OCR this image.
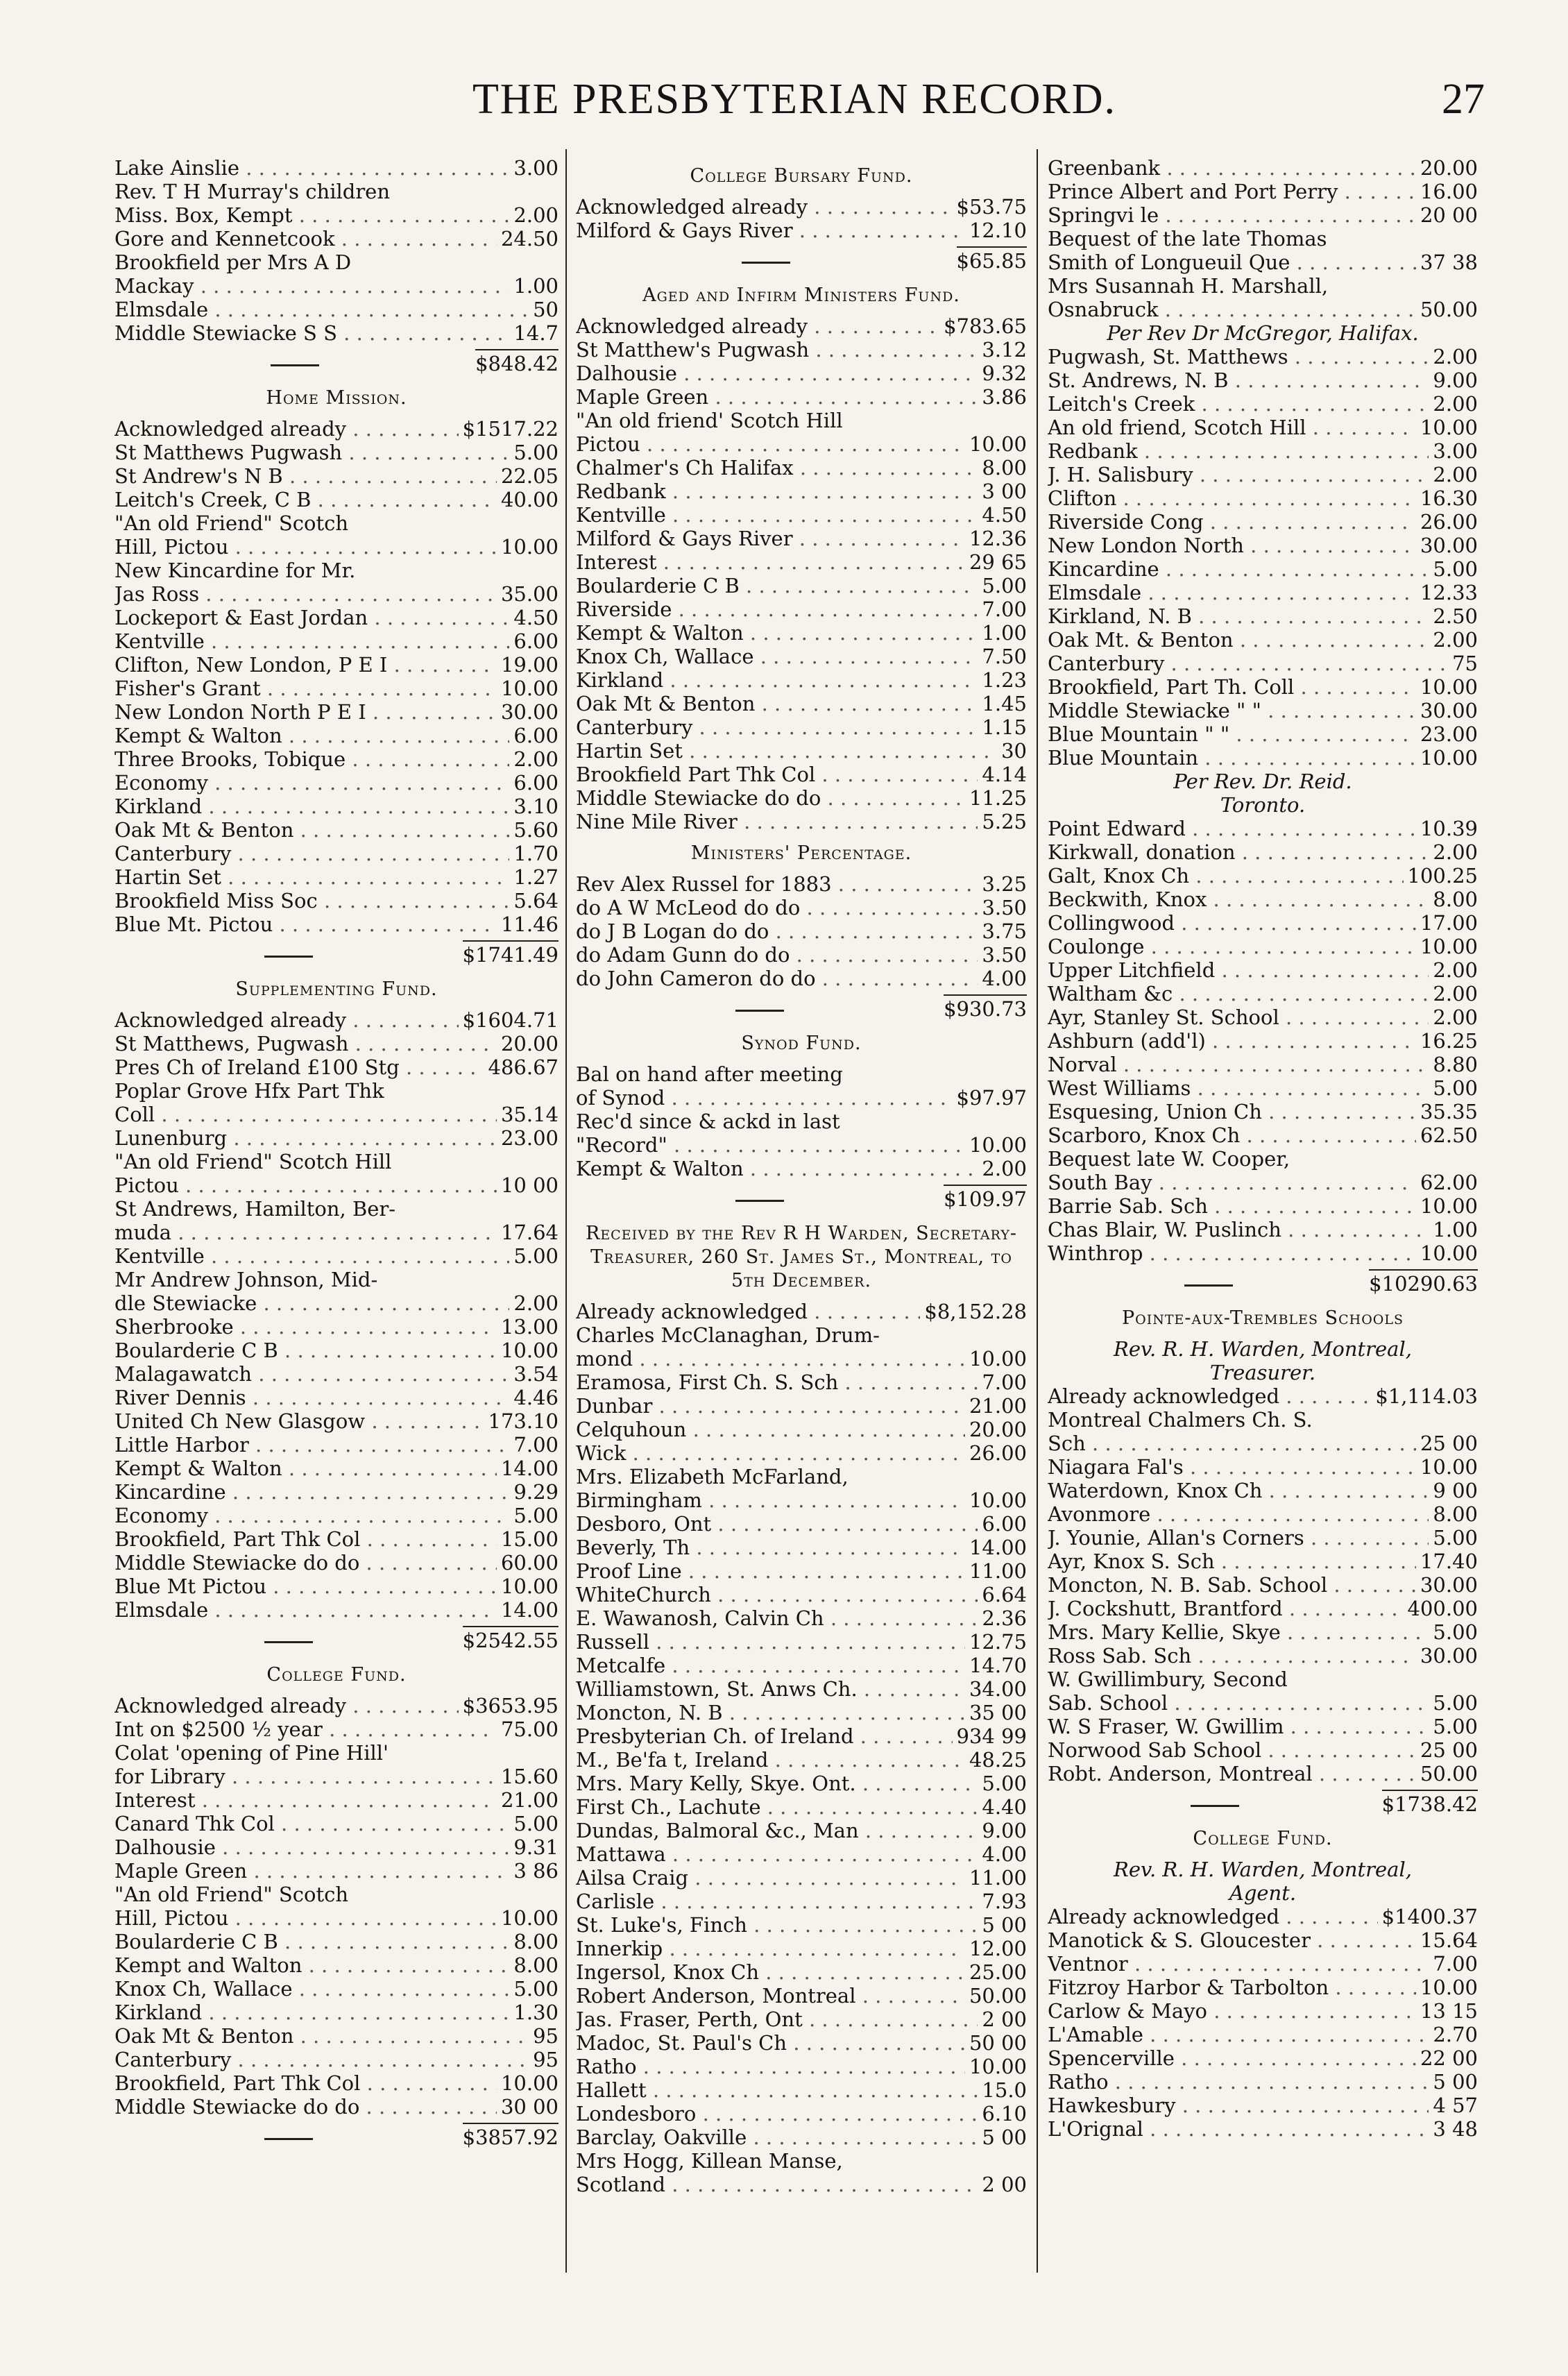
THE PRESBYTERIAN RECORD.	27
Lake Ainslie . . .	3.00
Rev. T H Murray's children
Miss. Box, Kempt . . .	2.00
Gore and Kennetcook . . .	24.50
Brookfield per Mrs A D
Mackay . . .	1.00
Elmsdale . . .	50
Middle Stewiacke S S . . .	14.7
$848.42
Home Mission.
Acknowledged already . . .	$1517.22
St Matthews Pugwash . . .	5.00
St Andrew's N B . . .	22.05
Leitch's Creek, C B . . .	40.00
"An old Friend" Scotch
Hill, Pictou . . .	10.00
New Kincardine for Mr.
Jas Ross . . .	35.00
Lockeport & East Jordan . . .	4.50
Kentville . . .	6.00
Clifton, New London, P E I . . .	19.00
Fisher's Grant . . .	10.00
New London North P E I . . .	30.00
Kempt & Walton . . .	6.00
Three Brooks, Tobique . . .	2.00
Economy . . .	6.00
Kirkland . . .	3.10
Oak Mt & Benton . . .	5.60
Canterbury . . .	1.70
Hartin Set . . .	1.27
Brookfield Miss Soc . . .	5.64
Blue Mt. Pictou . . .	11.46
$1741.49
Supplementing Fund.
Acknowledged already . . .	$1604.71
St Matthews, Pugwash . . .	20.00
Pres Ch of Ireland £100 Stg . . .	486.67
Poplar Grove Hfx Part Thk
Coll . . .	35.14
Lunenburg . . .	23.00
"An old Friend" Scotch Hill
Pictou . . .	10 00
St Andrews, Hamilton, Ber-
muda . . .	17.64
Kentville . . .	5.00
Mr Andrew Johnson, Mid-
dle Stewiacke . . .	2.00
Sherbrooke . . .	13.00
Boularderie C B . . .	10.00
Malagawatch . . .	3.54
River Dennis . . .	4.46
United Ch New Glasgow . . .	173.10
Little Harbor . . .	7.00
Kempt & Walton . . .	14.00
Kincardine . . .	9.29
Economy . . .	5.00
Brookfield, Part Thk Col . . .	15.00
Middle Stewiacke do do . . .	60.00
Blue Mt Pictou . . .	10.00
Elmsdale . . .	14.00
$2542.55
College Fund.
Acknowledged already . . .	$3653.95
Int on $2500 ½ year . . .	75.00
Colat 'opening of Pine Hill'
for Library . . .	15.60
Interest . . .	21.00
Canard Thk Col . . .	5.00
Dalhousie . . .	9.31
Maple Green . . .	3 86
"An old Friend" Scotch
Hill, Pictou . . .	10.00
Boularderie C B . . .	8.00
Kempt and Walton . . .	8.00
Knox Ch, Wallace . . .	5.00
Kirkland . . .	1.30
Oak Mt & Benton . . .	95
Canterbury . . .	95
Brookfield, Part Thk Col . . .	10.00
Middle Stewiacke do do . . .	30 00
$3857.92
College Bursary Fund.
Acknowledged already . . .	$53.75
Milford & Gays River . . .	12.10
$65.85
Aged and Infirm Ministers Fund.
Acknowledged already . . .	$783.65
St Matthew's Pugwash . . .	3.12
Dalhousie . . .	9.32
Maple Green . . .	3.86
"An old friend' Scotch Hill
Pictou . . .	10.00
Chalmer's Ch Halifax . . .	8.00
Redbank . . .	3 00
Kentville . . .	4.50
Milford & Gays River . . .	12.36
Interest . . .	29 65
Boularderie C B . . .	5.00
Riverside . . .	7.00
Kempt & Walton . . .	1.00
Knox Ch, Wallace . . .	7.50
Kirkland . . .	1.23
Oak Mt & Benton . . .	1.45
Canterbury . . .	1.15
Hartin Set . . .	30
Brookfield Part Thk Col . . .	4.14
Middle Stewiacke do do . . .	11.25
Nine Mile River . . .	5.25
Ministers' Percentage.
Rev Alex Russel for 1883 . . .	3.25
do A W McLeod do do . . .	3.50
do J B Logan do do . . .	3.75
do Adam Gunn do do . . .	3.50
do John Cameron do do . . .	4.00
$930.73
Synod Fund.
Bal on hand after meeting
of Synod . . .	$97.97
Rec'd since & ackd in last
"Record" . . .	10.00
Kempt & Walton . . .	2.00
$109.97
Received by the Rev R H Warden, Secretary-Treasurer, 260 St. James St., Montreal, to 5th December.
Already acknowledged . . .	$8,152.28
Charles McClanaghan, Drum-
mond . . .	10.00
Eramosa, First Ch. S. Sch . . .	7.00
Dunbar . . .	21.00
Celquhoun . . .	20.00
Wick . . .	26.00
Mrs. Elizabeth McFarland,
Birmingham . . .	10.00
Desboro, Ont . . .	6.00
Beverly, Th . . .	14.00
Proof Line . . .	11.00
WhiteChurch . . .	6.64
E. Wawanosh, Calvin Ch . . .	2.36
Russell . . .	12.75
Metcalfe . . .	14.70
Williamstown, St. Anws Ch. . . .	34.00
Moncton, N. B . . .	35 00
Presbyterian Ch. of Ireland . . .	934 99
M., Be'fa t, Ireland . . .	48.25
Mrs. Mary Kelly, Skye. Ont. . . .	5.00
First Ch., Lachute . . .	4.40
Dundas, Balmoral &c., Man . . .	9.00
Mattawa . . .	4.00
Ailsa Craig . . .	11.00
Carlisle . . .	7.93
St. Luke's, Finch . . .	5 00
Innerkip . . .	12.00
Ingersol, Knox Ch . . .	25.00
Robert Anderson, Montreal . . .	50.00
Jas. Fraser, Perth, Ont . . .	2 00
Madoc, St. Paul's Ch . . .	50 00
Ratho . . .	10.00
Hallett . . .	15.0
Londesboro . . .	6.10
Barclay, Oakville . . .	5 00
Mrs Hogg, Killean Manse,
Scotland . . .	2 00
Greenbank . . .	20.00
Prince Albert and Port Perry . . .	16.00
Springvi le . . .	20 00
Bequest of the late Thomas
Smith of Longueuil Que . . .	37 38
Mrs Susannah H. Marshall,
Osnabruck . . .	50.00
Per Rev Dr McGregor, Halifax.
Pugwash, St. Matthews . . .	2.00
St. Andrews, N. B . . .	9.00
Leitch's Creek . . .	2.00
An old friend, Scotch Hill . . .	10.00
Redbank . . .	3.00
J. H. Salisbury . . .	2.00
Clifton . . .	16.30
Riverside Cong . . .	26.00
New London North . . .	30.00
Kincardine . . .	5.00
Elmsdale . . .	12.33
Kirkland, N. B . . .	2.50
Oak Mt. & Benton . . .	2.00
Canterbury . . .	75
Brookfield, Part Th. Coll . . .	10.00
Middle Stewiacke " " . . .	30.00
Blue Mountain " " . . .	23.00
Blue Mountain . . .	10.00
Per Rev. Dr. Reid.
Toronto.
Point Edward . . .	10.39
Kirkwall, donation . . .	2.00
Galt, Knox Ch . . .	100.25
Beckwith, Knox . . .	8.00
Collingwood . . .	17.00
Coulonge . . .	10.00
Upper Litchfield . . .	2.00
Waltham &c . . .	2.00
Ayr, Stanley St. School . . .	2.00
Ashburn (add'l) . . .	16.25
Norval . . .	8.80
West Williams . . .	5.00
Esquesing, Union Ch . . .	35.35
Scarboro, Knox Ch . . .	62.50
Bequest late W. Cooper,
South Bay . . .	62.00
Barrie Sab. Sch . . .	10.00
Chas Blair, W. Puslinch . . .	1.00
Winthrop . . .	10.00
$10290.63
Pointe-aux-Trembles Schools
Rev. R. H. Warden, Montreal,
Treasurer.
Already acknowledged . . .	$1,114.03
Montreal Chalmers Ch. S.
Sch . . .	25 00
Niagara Fal's . . .	10.00
Waterdown, Knox Ch . . .	9 00
Avonmore . . .	8.00
J. Younie, Allan's Corners . . .	5.00
Ayr, Knox S. Sch . . .	17.40
Moncton, N. B. Sab. School . . .	30.00
J. Cockshutt, Brantford . . .	400.00
Mrs. Mary Kellie, Skye . . .	5.00
Ross Sab. Sch . . .	30.00
W. Gwillimbury, Second
Sab. School . . .	5.00
W. S Fraser, W. Gwillim . . .	5.00
Norwood Sab School . . .	25 00
Robt. Anderson, Montreal . . .	50.00
$1738.42
College Fund.
Rev. R. H. Warden, Montreal,
Agent.
Already acknowledged . . .	$1400.37
Manotick & S. Gloucester . . .	15.64
Ventnor . . .	7.00
Fitzroy Harbor & Tarbolton . . .	10.00
Carlow & Mayo . . .	13 15
L'Amable . . .	2.70
Spencerville . . .	22 00
Ratho . . .	5 00
Hawkesbury . . .	4 57
L'Orignal . . .	3 48
